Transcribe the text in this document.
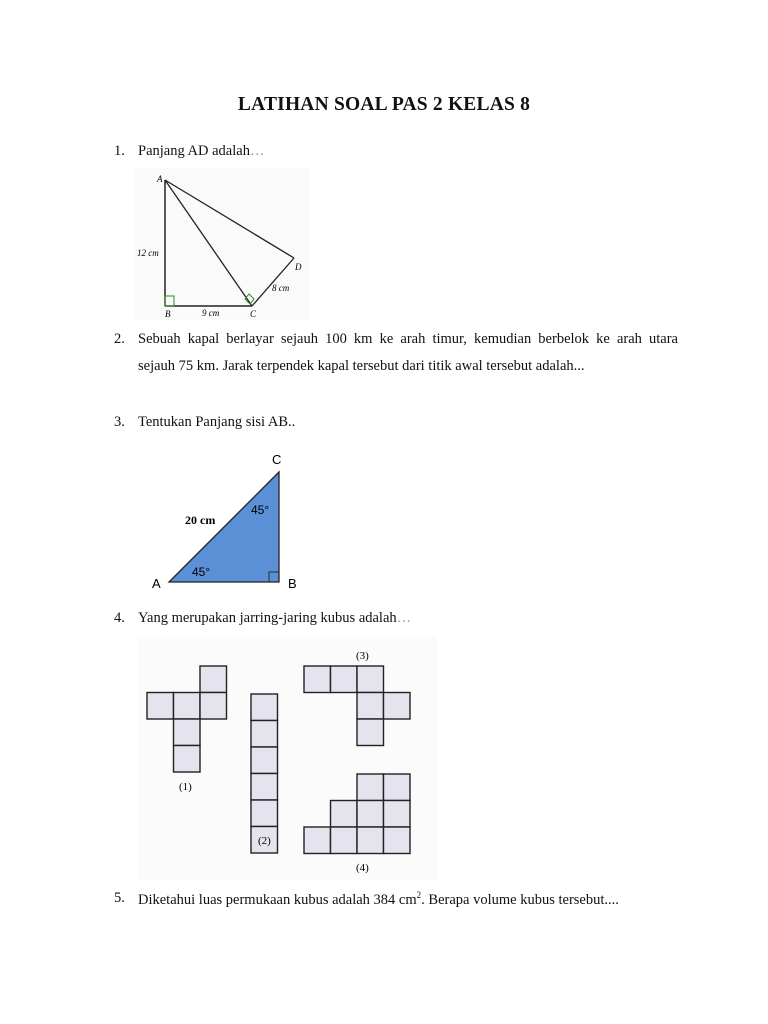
LATIHAN SOAL PAS 2 KELAS 8
1. Panjang AD adalah…
A
B	C
D
12 cm
9 cm
8 cm
2. Sebuah kapal berlayar sejauh 100 km ke arah timur, kemudian berbelok ke arah utara
sejauh 75 km. Jarak terpendek kapal tersebut dari titik awal tersebut adalah...
3. Tentukan Panjang sisi AB..
C
A	B
20 cm
45°
45°
4. Yang merupakan jarring-jaring kubus adalah…
(1)
(2)
(3)
(4)
5. Diketahui luas permukaan kubus adalah 384 $cm^2$. Berapa volume kubus tersebut....
